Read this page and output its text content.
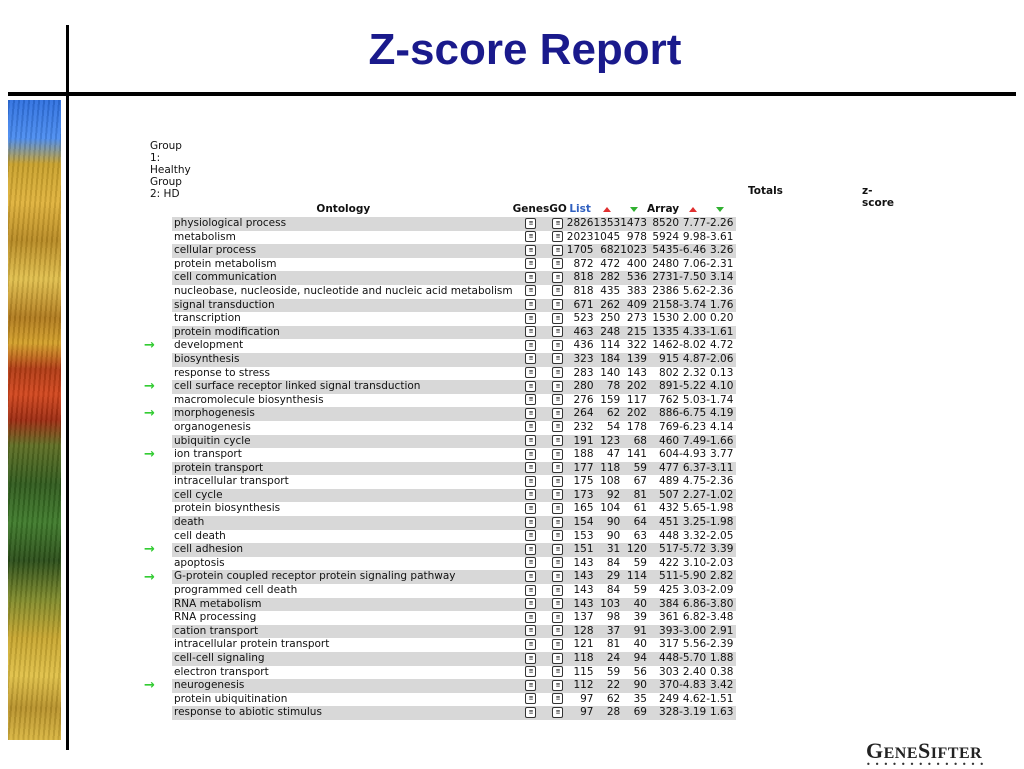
Z-score Report
Group 1: Healthy
Group 2: HD	Totals	z-score
Ontology	Genes	GO	List			Array		
physiological process	≡	≡	2826	1353	1473	8520	7.77	-2.26
metabolism	≡	≡	2023	1045	978	5924	9.98	-3.61
cellular process	≡	≡	1705	682	1023	5435	-6.46	3.26
protein metabolism	≡	≡	872	472	400	2480	7.06	-2.31
cell communication	≡	≡	818	282	536	2731	-7.50	3.14
nucleobase, nucleoside, nucleotide and nucleic acid metabolism	≡	≡	818	435	383	2386	5.62	-2.36
signal transduction	≡	≡	671	262	409	2158	-3.74	1.76
transcription	≡	≡	523	250	273	1530	2.00	0.20
protein modification	≡	≡	463	248	215	1335	4.33	-1.61
development	≡	≡	436	114	322	1462	-8.02	4.72
biosynthesis	≡	≡	323	184	139	915	4.87	-2.06
response to stress	≡	≡	283	140	143	802	2.32	0.13
cell surface receptor linked signal transduction	≡	≡	280	78	202	891	-5.22	4.10
macromolecule biosynthesis	≡	≡	276	159	117	762	5.03	-1.74
morphogenesis	≡	≡	264	62	202	886	-6.75	4.19
organogenesis	≡	≡	232	54	178	769	-6.23	4.14
ubiquitin cycle	≡	≡	191	123	68	460	7.49	-1.66
ion transport	≡	≡	188	47	141	604	-4.93	3.77
protein transport	≡	≡	177	118	59	477	6.37	-3.11
intracellular transport	≡	≡	175	108	67	489	4.75	-2.36
cell cycle	≡	≡	173	92	81	507	2.27	-1.02
protein biosynthesis	≡	≡	165	104	61	432	5.65	-1.98
death	≡	≡	154	90	64	451	3.25	-1.98
cell death	≡	≡	153	90	63	448	3.32	-2.05
cell adhesion	≡	≡	151	31	120	517	-5.72	3.39
apoptosis	≡	≡	143	84	59	422	3.10	-2.03
G-protein coupled receptor protein signaling pathway	≡	≡	143	29	114	511	-5.90	2.82
programmed cell death	≡	≡	143	84	59	425	3.03	-2.09
RNA metabolism	≡	≡	143	103	40	384	6.86	-3.80
RNA processing	≡	≡	137	98	39	361	6.82	-3.48
cation transport	≡	≡	128	37	91	393	-3.00	2.91
intracellular protein transport	≡	≡	121	81	40	317	5.56	-2.39
cell-cell signaling	≡	≡	118	24	94	448	-5.70	1.88
electron transport	≡	≡	115	59	56	303	2.40	0.38
neurogenesis	≡	≡	112	22	90	370	-4.83	3.42
protein ubiquitination	≡	≡	97	62	35	249	4.62	-1.51
response to abiotic stimulus	≡	≡	97	28	69	328	-3.19	1.63
→
→
→
→
→
→
→
GENESIFTER
••••••••••••••
